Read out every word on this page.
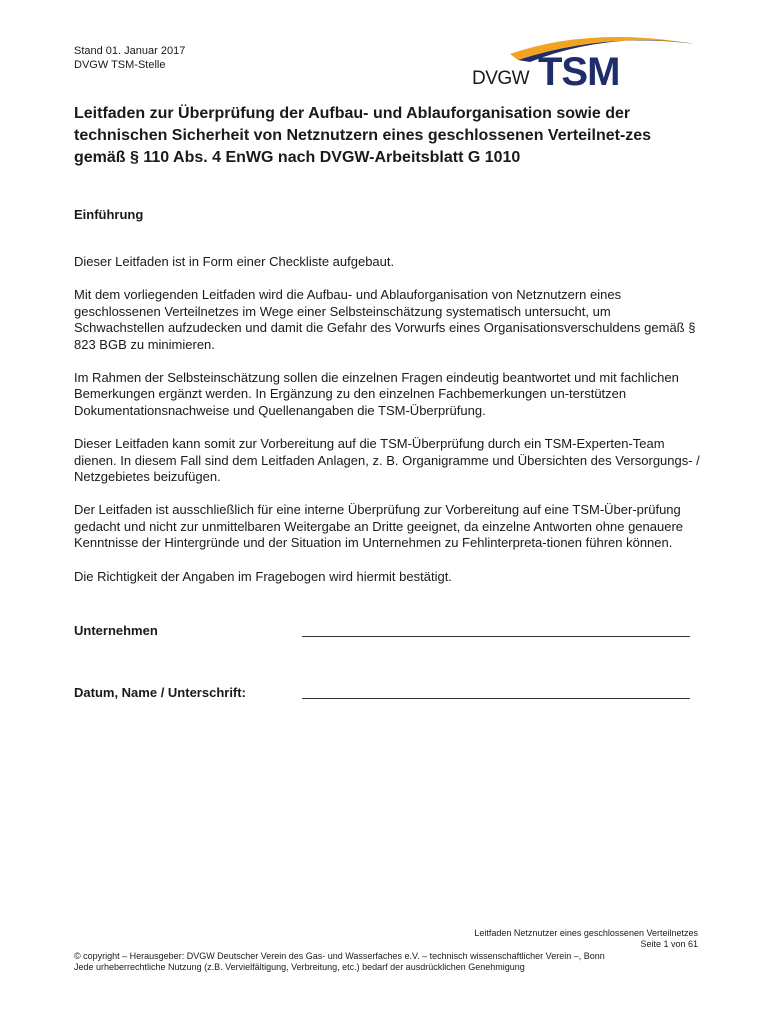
Stand 01. Januar 2017
DVGW TSM-Stelle
DVGW TSM
Leitfaden zur Überprüfung der Aufbau- und Ablauforganisation sowie der technischen Sicherheit von Netznutzern eines geschlossenen Verteilnet-zes gemäß § 110 Abs. 4 EnWG nach DVGW-Arbeitsblatt G 1010
Einführung

Dieser Leitfaden ist in Form einer Checkliste aufgebaut.

Mit dem vorliegenden Leitfaden wird die Aufbau- und Ablauforganisation von Netznutzern eines geschlossenen Verteilnetzes im Wege einer Selbsteinschätzung systematisch untersucht, um Schwachstellen aufzudecken und damit die Gefahr des Vorwurfs eines Organisationsverschuldens gemäß § 823 BGB zu minimieren.

Im Rahmen der Selbsteinschätzung sollen die einzelnen Fragen eindeutig beantwortet und mit fachlichen Bemerkungen ergänzt werden. In Ergänzung zu den einzelnen Fachbemerkungen un-terstützen Dokumentationsnachweise und Quellenangaben die TSM-Überprüfung.

Dieser Leitfaden kann somit zur Vorbereitung auf die TSM-Überprüfung durch ein TSM-Experten-Team dienen. In diesem Fall sind dem Leitfaden Anlagen, z. B. Organigramme und Übersichten des Versorgungs- / Netzgebietes beizufügen.

Der Leitfaden ist ausschließlich für eine interne Überprüfung zur Vorbereitung auf eine TSM-Über-prüfung gedacht und nicht zur unmittelbaren Weitergabe an Dritte geeignet, da einzelne Antworten ohne genauere Kenntnisse der Hintergründe und der Situation im Unternehmen zu Fehlinterpreta-tionen führen können.

Die Richtigkeit der Angaben im Fragebogen wird hiermit bestätigt.

Unternehmen
Datum, Name / Unterschrift:
Leitfaden Netznutzer eines geschlossenen Verteilnetzes
Seite 1 von 61
© copyright – Herausgeber: DVGW Deutscher Verein des Gas- und Wasserfaches e.V. – technisch wissenschaftlicher Verein –, Bonn
Jede urheberrechtliche Nutzung (z.B. Vervielfältigung, Verbreitung, etc.) bedarf der ausdrücklichen Genehmigung
